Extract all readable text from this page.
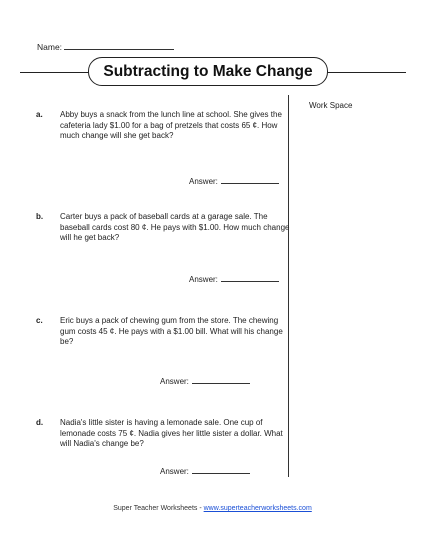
Name:
Subtracting to Make Change
Work Space
a. Abby buys a snack from the lunch line at school. She gives the cafeteria lady $1.00 for a bag of pretzels that costs 65 ¢. How much change will she get back?
Answer:
b. Carter buys a pack of baseball cards at a garage sale. The baseball cards cost 80 ¢. He pays with $1.00. How much change will he get back?
Answer:
c. Eric buys a pack of chewing gum from the store. The chewing gum costs 45 ¢. He pays with a $1.00 bill. What will his change be?
Answer:
d. Nadia's little sister is having a lemonade sale. One cup of lemonade costs 75 ¢. Nadia gives her little sister a dollar. What will Nadia's change be?
Answer:
Super Teacher Worksheets - www.superteacherworksheets.com
